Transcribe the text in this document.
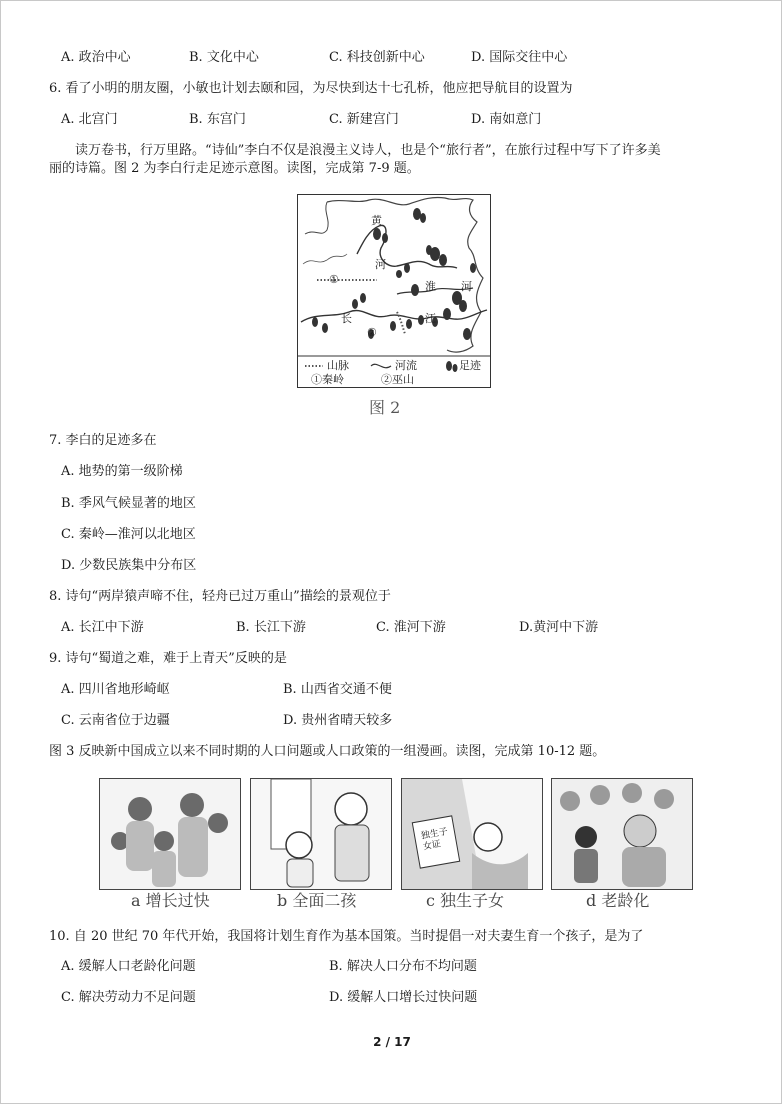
A. 政治中心	B. 文化中心	C. 科技创新中心	D. 国际交往中心
6. 看了小明的朋友圈，小敏也计划去颐和园，为尽快到达十七孔桥，他应把导航目的设置为
A. 北宫门	B. 东宫门	C. 新建宫门	D. 南如意门
读万卷书，行万里路。“诗仙”李白不仅是浪漫主义诗人，也是个“旅行者”，在旅行过程中写下了许多美
丽的诗篇。图 2 为李白行走足迹示意图。读图，完成第 7-9 题。
黄
河
淮 河
长	江
①
②
山脉	河流	足迹
①秦岭	②巫山
图 2
7. 李白的足迹多在
A. 地势的第一级阶梯
B. 季风气候显著的地区
C. 秦岭—淮河以北地区
D. 少数民族集中分布区
8. 诗句“两岸猿声啼不住，轻舟已过万重山”描绘的景观位于
A. 长江中下游	B. 长江下游	C. 淮河下游	D.黄河中下游
9. 诗句“蜀道之难，难于上青天”反映的是
A. 四川省地形崎岖	B. 山西省交通不便
C. 云南省位于边疆	D. 贵州省晴天较多
图 3 反映新中国成立以来不同时期的人口问题或人口政策的一组漫画。读图，完成第 10-12 题。
a 增长过快	b 全面二孩
独生子女证
c 独生子女	d 老龄化
10. 自 20 世纪 70 年代开始，我国将计划生育作为基本国策。当时提倡一对夫妻生育一个孩子，是为了
A. 缓解人口老龄化问题	B. 解决人口分布不均问题
C. 解决劳动力不足问题	D. 缓解人口增长过快问题
2 / 17
